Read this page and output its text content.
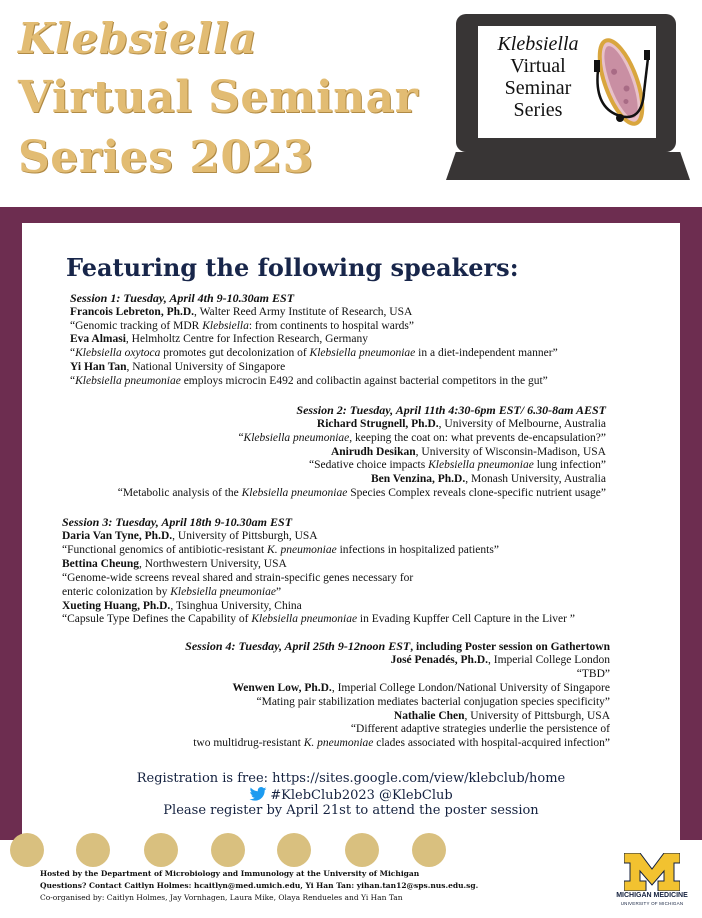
Klebsiella
Virtual Seminar
Series 2023
Klebsiella
Virtual
Seminar
Series
Featuring the following speakers:
Session 1: Tuesday, April 4th 9-10.30am EST
Francois Lebreton, Ph.D., Walter Reed Army Institute of Research, USA
“Genomic tracking of MDR Klebsiella: from continents to hospital wards”
Eva Almasi, Helmholtz Centre for Infection Research, Germany
“Klebsiella oxytoca promotes gut decolonization of Klebsiella pneumoniae in a diet-independent manner”
Yi Han Tan, National University of Singapore
“Klebsiella pneumoniae employs microcin E492 and colibactin against bacterial competitors in the gut”
Session 2: Tuesday, April 11th 4:30-6pm EST/ 6.30-8am AEST
Richard Strugnell, Ph.D., University of Melbourne, Australia
“Klebsiella pneumoniae, keeping the coat on: what prevents de-encapsulation?”
Anirudh Desikan, University of Wisconsin-Madison, USA
“Sedative choice impacts Klebsiella pneumoniae lung infection”
Ben Venzina, Ph.D., Monash University, Australia
“Metabolic analysis of the Klebsiella pneumoniae Species Complex reveals clone-specific nutrient usage”
Session 3: Tuesday, April 18th 9-10.30am EST
Daria Van Tyne, Ph.D., University of Pittsburgh, USA
“Functional genomics of antibiotic-resistant K. pneumoniae infections in hospitalized patients”
Bettina Cheung, Northwestern University, USA
“Genome-wide screens reveal shared and strain-specific genes necessary for
enteric colonization by Klebsiella pneumoniae”
Xueting Huang, Ph.D., Tsinghua University, China
“Capsule Type Defines the Capability of Klebsiella pneumoniae in Evading Kupffer Cell Capture in the Liver ”
Session 4: Tuesday, April 25th 9-12noon EST, including Poster session on Gathertown
José Penadés, Ph.D., Imperial College London
“TBD”
Wenwen Low, Ph.D., Imperial College London/National University of Singapore
“Mating pair stabilization mediates bacterial conjugation species specificity”
Nathalie Chen, University of Pittsburgh, USA
“Different adaptive strategies underlie the persistence of
two multidrug-resistant K. pneumoniae clades associated with hospital-acquired infection”
Registration is free: https://sites.google.com/view/klebclub/home
#KlebClub2023 @KlebClub
Please register by April 21st to attend the poster session
Hosted by the Department of Microbiology and Immunology at the University of Michigan
Questions? Contact Caitlyn Holmes: hcaitlyn@med.umich.edu, Yi Han Tan: yihan.tan12@sps.nus.edu.sg.
Co-organised by: Caitlyn Holmes, Jay Vornhagen, Laura Mike, Olaya Rendueles and Yi Han Tan	MICHIGAN MEDICINE
UNIVERSITY OF MICHIGAN
